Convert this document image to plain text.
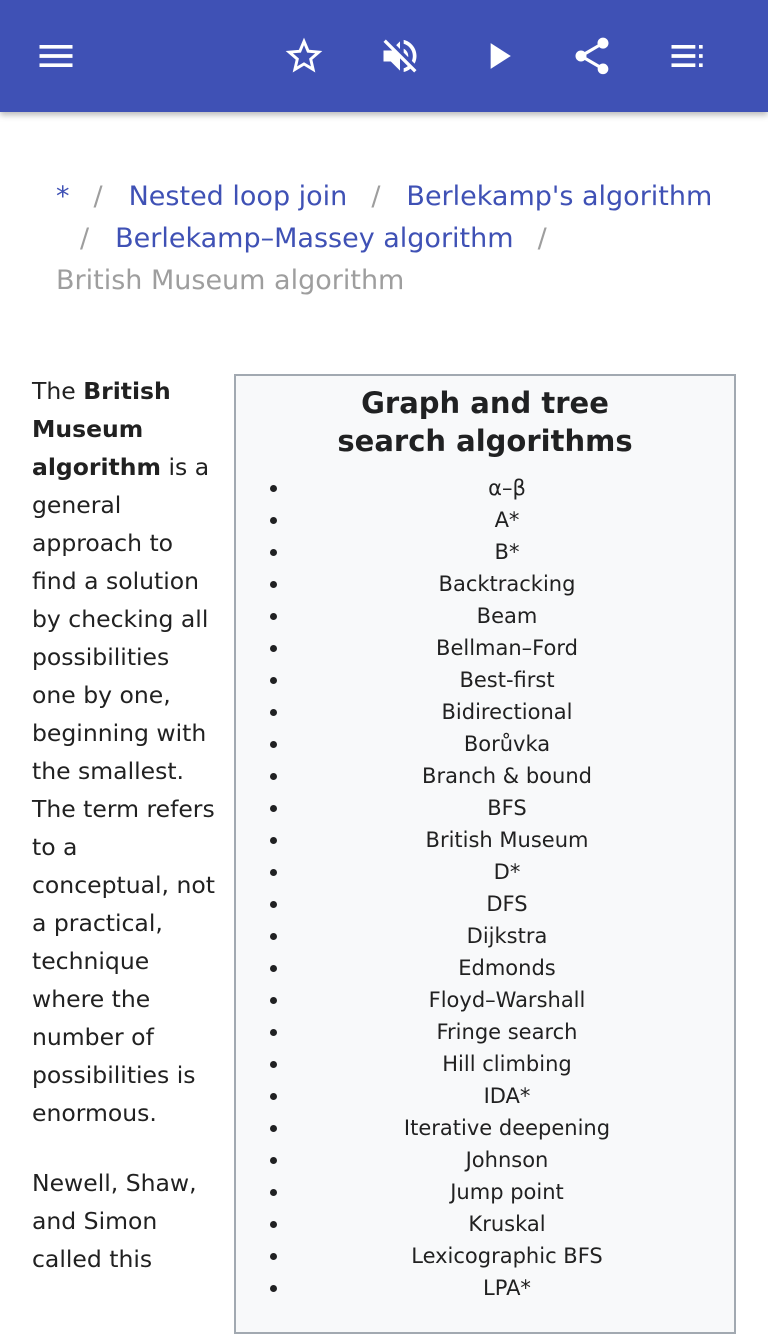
* / Nested loop join / Berlekamp's algorithm
/ Berlekamp–Massey algorithm /
British Museum algorithm

The British Museum algorithm is a general approach to find a solution by checking all possibilities one by one, beginning with the smallest. The term refers to a conceptual, not a practical, technique where the number of possibilities is enormous.

Newell, Shaw, and Simon called this

Graph and tree
search algorithms
α–β
A*
B*
Backtracking
Beam
Bellman–Ford
Best-first
Bidirectional
Borůvka
Branch & bound
BFS
British Museum
D*
DFS
Dijkstra
Edmonds
Floyd–Warshall
Fringe search
Hill climbing
IDA*
Iterative deepening
Johnson
Jump point
Kruskal
Lexicographic BFS
LPA*
